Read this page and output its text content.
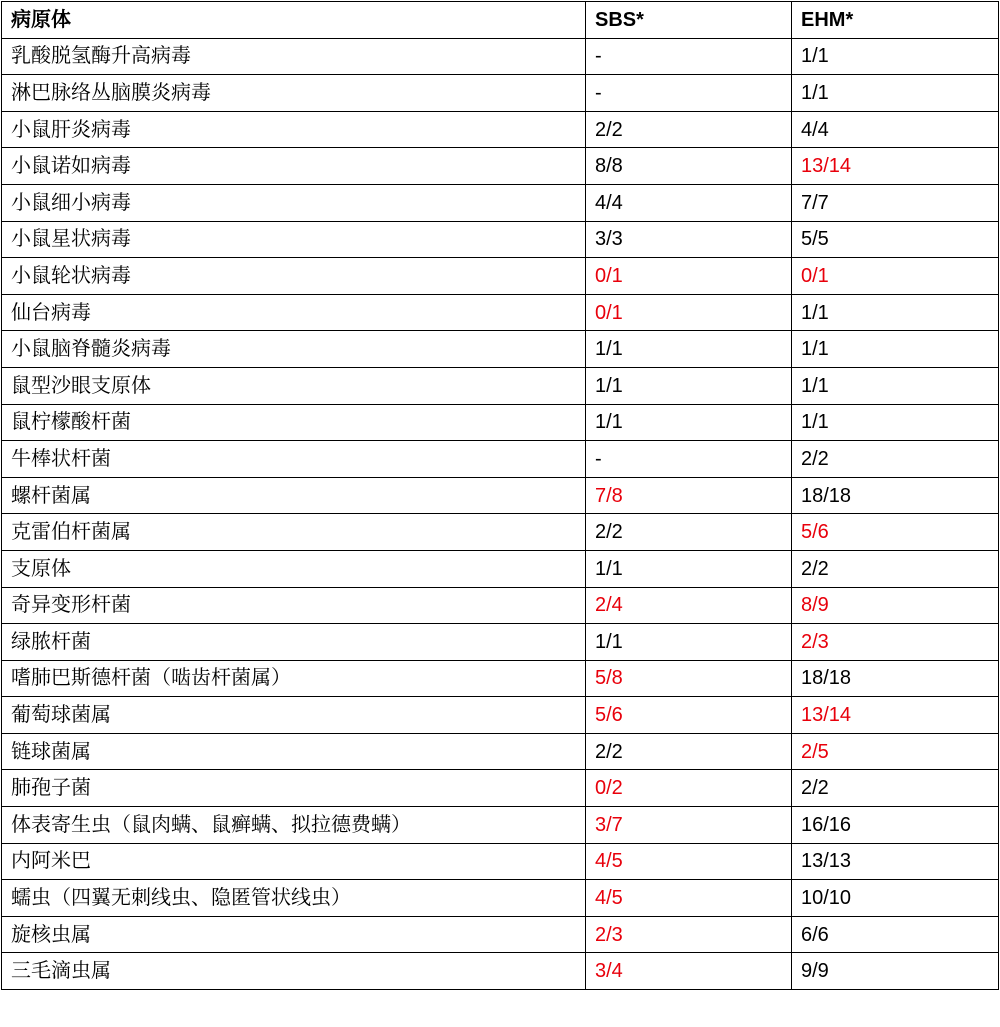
病原体	SBS*	EHM*
乳酸脱氢酶升高病毒	-	1/1
淋巴脉络丛脑膜炎病毒	-	1/1
小鼠肝炎病毒	2/2	4/4
小鼠诺如病毒	8/8	13/14
小鼠细小病毒	4/4	7/7
小鼠星状病毒	3/3	5/5
小鼠轮状病毒	0/1	0/1
仙台病毒	0/1	1/1
小鼠脑脊髓炎病毒	1/1	1/1
鼠型沙眼支原体	1/1	1/1
鼠柠檬酸杆菌	1/1	1/1
牛棒状杆菌	-	2/2
螺杆菌属	7/8	18/18
克雷伯杆菌属	2/2	5/6
支原体	1/1	2/2
奇异变形杆菌	2/4	8/9
绿脓杆菌	1/1	2/3
嗜肺巴斯德杆菌（啮齿杆菌属）	5/8	18/18
葡萄球菌属	5/6	13/14
链球菌属	2/2	2/5
肺孢子菌	0/2	2/2
体表寄生虫（鼠肉螨、鼠癣螨、拟拉德费螨）	3/7	16/16
内阿米巴	4/5	13/13
蠕虫（四翼无刺线虫、隐匿管状线虫）	4/5	10/10
旋核虫属	2/3	6/6
三毛滴虫属	3/4	9/9
